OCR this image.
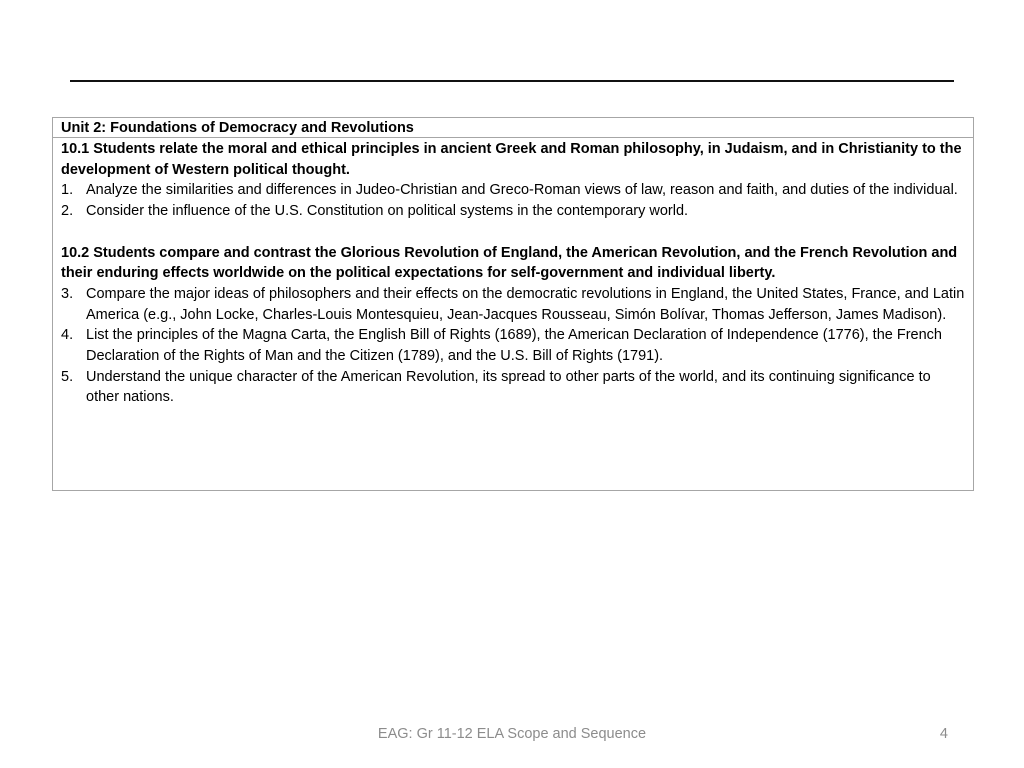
Unit 2: Foundations of Democracy and Revolutions
10.1 Students relate the moral and ethical principles in ancient Greek and Roman philosophy, in Judaism, and in Christianity to the development of Western political thought.
1. Analyze the similarities and differences in Judeo-Christian and Greco-Roman views of law, reason and faith, and duties of the individual.
2. Consider the influence of the U.S. Constitution on political systems in the contemporary world.
10.2 Students compare and contrast the Glorious Revolution of England, the American Revolution, and the French Revolution and their enduring effects worldwide on the political expectations for self-government and individual liberty.
3. Compare the major ideas of philosophers and their effects on the democratic revolutions in England, the United States, France, and Latin America (e.g., John Locke, Charles-Louis Montesquieu, Jean-Jacques Rousseau, Simón Bolívar, Thomas Jefferson, James Madison).
4. List the principles of the Magna Carta, the English Bill of Rights (1689), the American Declaration of Independence (1776), the French Declaration of the Rights of Man and the Citizen (1789), and the U.S. Bill of Rights (1791).
5. Understand the unique character of the American Revolution, its spread to other parts of the world, and its continuing significance to other nations.
EAG: Gr 11-12 ELA Scope and Sequence	4
